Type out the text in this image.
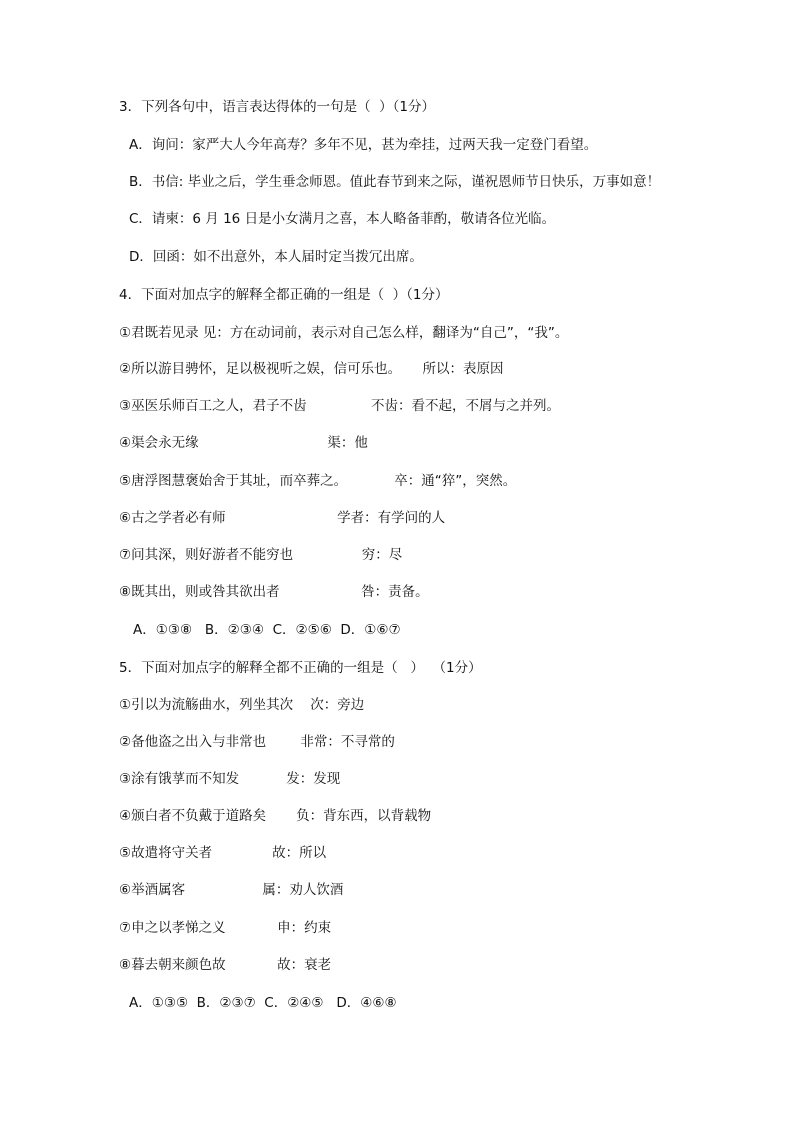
3．下列各句中，语言表达得体的一句是（  ）（1分）
A．询问：家严大人今年高寿？多年不见，甚为牵挂，过两天我一定登门看望。
B．书信: 毕业之后，学生垂念师恩。值此春节到来之际，谨祝恩师节日快乐，万事如意！
C．请柬：6 月 16 日是小女满月之喜，本人略备菲酌，敬请各位光临。
D．回函：如不出意外，本人届时定当拨冗出席。
4．下面对加点字的解释全都正确的一组是（  ）（1分）
①君既若见录 见：方在动词前，表示对自己怎么样，翻译为“自己”，“我”。
②所以游目骋怀，足以极视听之娱，信可乐也。     所以：表原因
③巫医乐师百工之人，君子不齿               不齿：看不起，不屑与之并列。
④渠会永无缘                              渠：他
⑤唐浮图慧褒始舍于其址，而卒葬之。           卒：通“猝”，突然。
⑥古之学者必有师                          学者：有学问的人
⑦问其深，则好游者不能穷也                穷：尽
⑧既其出，则或咎其欲出者                   咎：责备。
A．①③⑧   B．②③④  C．②⑤⑥  D．①⑥⑦
5．下面对加点字的解释全都不正确的一组是（   ）  （1分）
①引以为流觞曲水，列坐其次    次：旁边
②备他盗之出入与非常也        非常：不寻常的
③涂有饿莩而不知发           发：发现
④颁白者不负戴于道路矣       负：背东西，以背载物
⑤故遣将守关者              故：所以
⑥举酒属客                  属：劝人饮酒
⑦申之以孝悌之义            申：约束
⑧暮去朝来颜色故            故：衰老
A．①③⑤  B．②③⑦  C．②④⑤   D．④⑥⑧
